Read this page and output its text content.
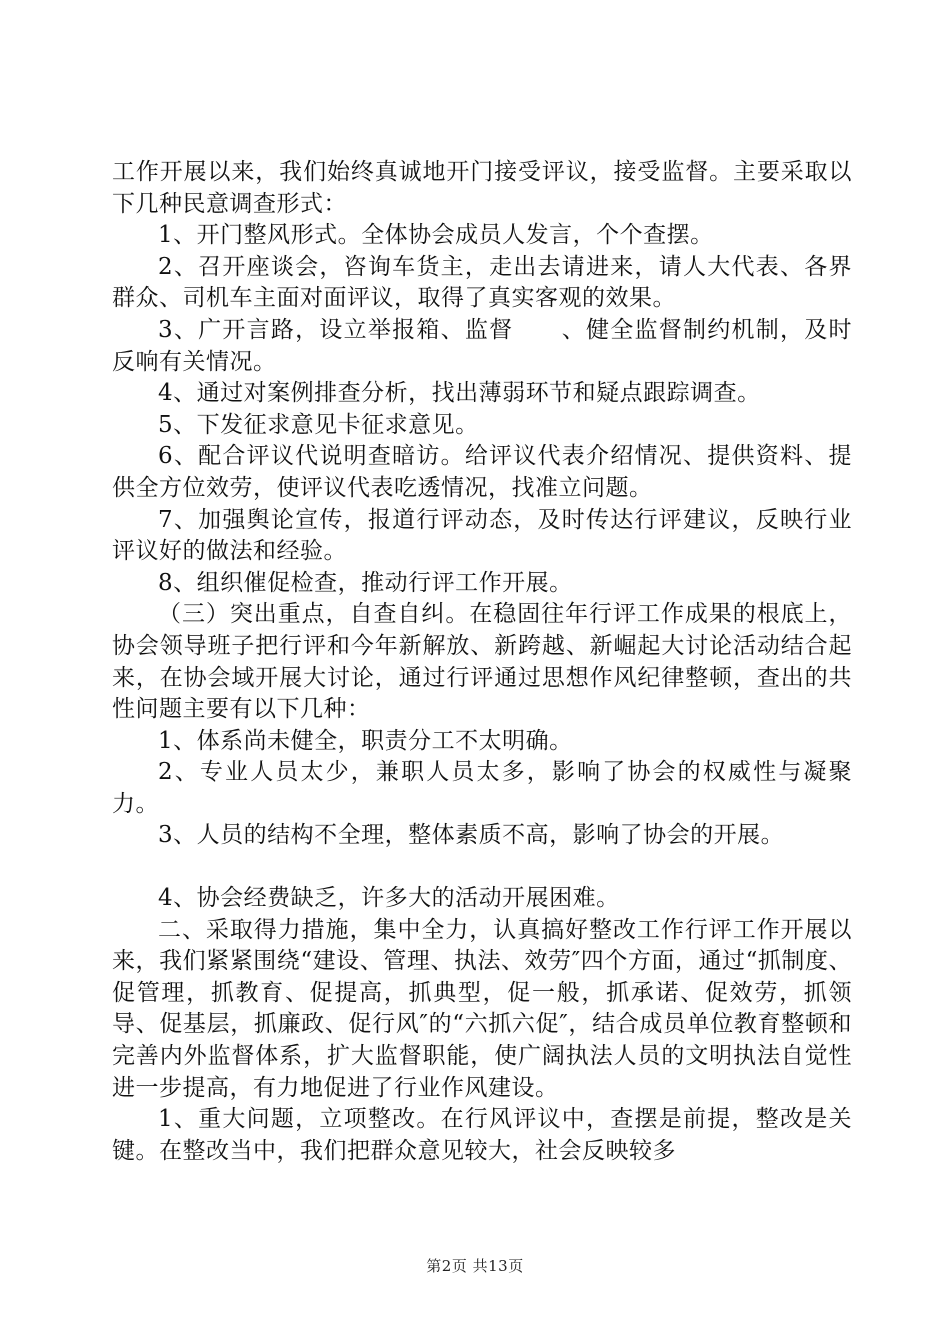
工作开展以来，我们始终真诚地开门接受评议，接受监督。主要采取以下几种民意调查形式：

1、开门整风形式。全体协会成员人发言，个个查摆。

2、召开座谈会，咨询车货主，走出去请进来，请人大代表、各界群众、司机车主面对面评议，取得了真实客观的效果。

3、广开言路，设立举报箱、监督　　、健全监督制约机制，及时反响有关情况。

4、通过对案例排查分析，找出薄弱环节和疑点跟踪调查。

5、下发征求意见卡征求意见。

6、配合评议代说明查暗访。给评议代表介绍情况、提供资料、提供全方位效劳，使评议代表吃透情况，找准立问题。

7、加强舆论宣传，报道行评动态，及时传达行评建议，反映行业评议好的做法和经验。

8、组织催促检查，推动行评工作开展。

（三）突出重点，自查自纠。在稳固往年行评工作成果的根底上，协会领导班子把行评和今年新解放、新跨越、新崛起大讨论活动结合起来，在协会域开展大讨论，通过行评通过思想作风纪律整顿，查出的共性问题主要有以下几种：

1、体系尚未健全，职责分工不太明确。

2、专业人员太少，兼职人员太多，影响了协会的权威性与凝聚力。

3、人员的结构不全理，整体素质不高，影响了协会的开展。

4、协会经费缺乏，许多大的活动开展困难。

二、采取得力措施，集中全力，认真搞好整改工作行评工作开展以来，我们紧紧围绕“建设、管理、执法、效劳″四个方面，通过“抓制度、促管理，抓教育、促提高，抓典型，促一般，抓承诺、促效劳，抓领导、促基层，抓廉政、促行风″的“六抓六促″，结合成员单位教育整顿和完善内外监督体系，扩大监督职能，使广阔执法人员的文明执法自觉性进一步提高，有力地促进了行业作风建设。

1、重大问题，立项整改。在行风评议中，查摆是前提，整改是关键。在整改当中，我们把群众意见较大，社会反映较多

第2页 共13页
